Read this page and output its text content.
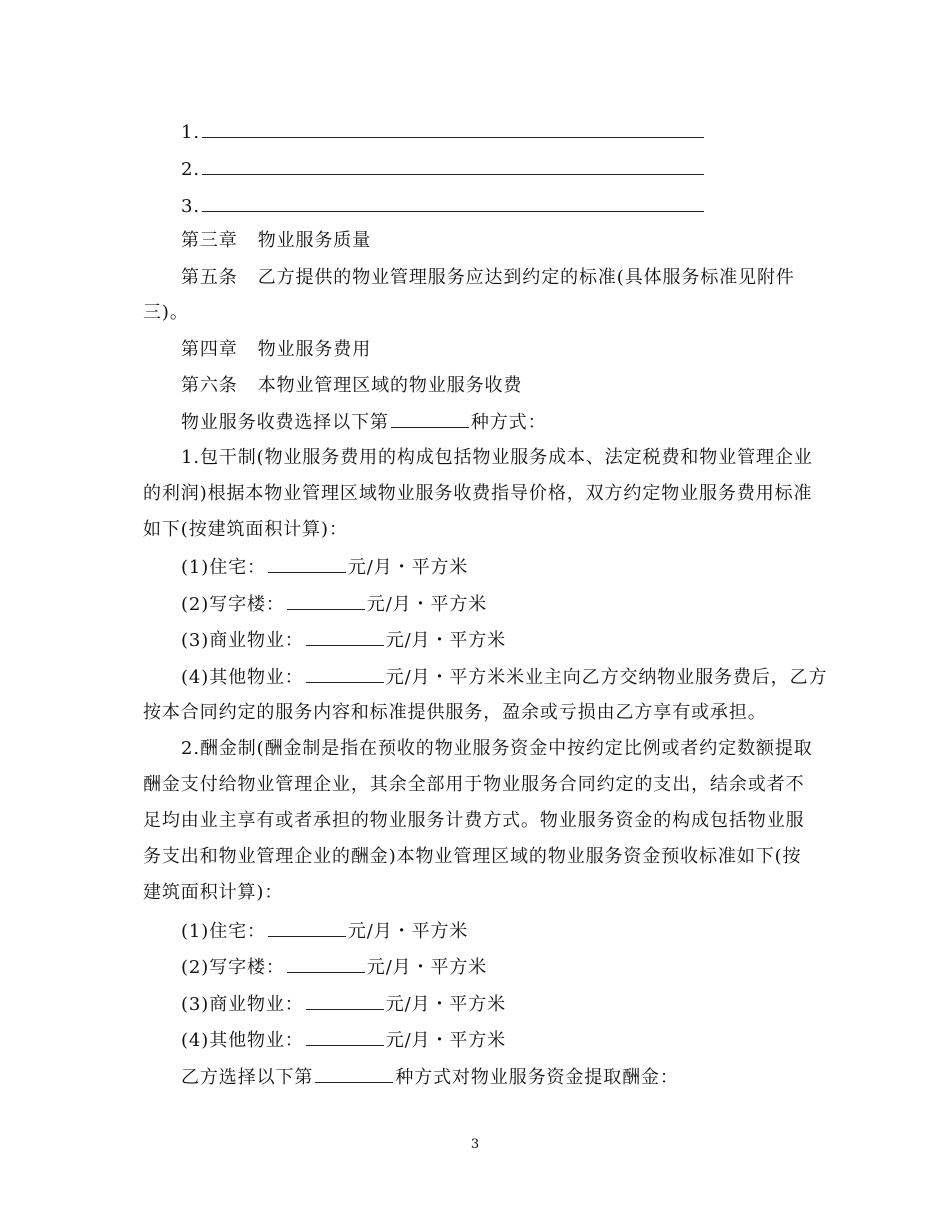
1.
2.
3.
第三章 物业服务质量
第五条 乙方提供的物业管理服务应达到约定的标准(具体服务标准见附件
三)。
第四章 物业服务费用
第六条 本物业管理区域的物业服务收费
物业服务收费选择以下第	种方式：
1.包干制(物业服务费用的构成包括物业服务成本、法定税费和物业管理企业
的利润)根据本物业管理区域物业服务收费指导价格，双方约定物业服务费用标准
如下(按建筑面积计算)：
(1)住宅：	元/月・平方米
(2)写字楼：	元/月・平方米
(3)商业物业：	元/月・平方米
(4)其他物业：	元/月・平方米米业主向乙方交纳物业服务费后，乙方
按本合同约定的服务内容和标准提供服务，盈余或亏损由乙方享有或承担。
2.酬金制(酬金制是指在预收的物业服务资金中按约定比例或者约定数额提取
酬金支付给物业管理企业，其余全部用于物业服务合同约定的支出，结余或者不
足均由业主享有或者承担的物业服务计费方式。物业服务资金的构成包括物业服
务支出和物业管理企业的酬金)本物业管理区域的物业服务资金预收标准如下(按
建筑面积计算)：
(1)住宅：	元/月・平方米
(2)写字楼：	元/月・平方米
(3)商业物业：	元/月・平方米
(4)其他物业：	元/月・平方米
乙方选择以下第	种方式对物业服务资金提取酬金：
3
